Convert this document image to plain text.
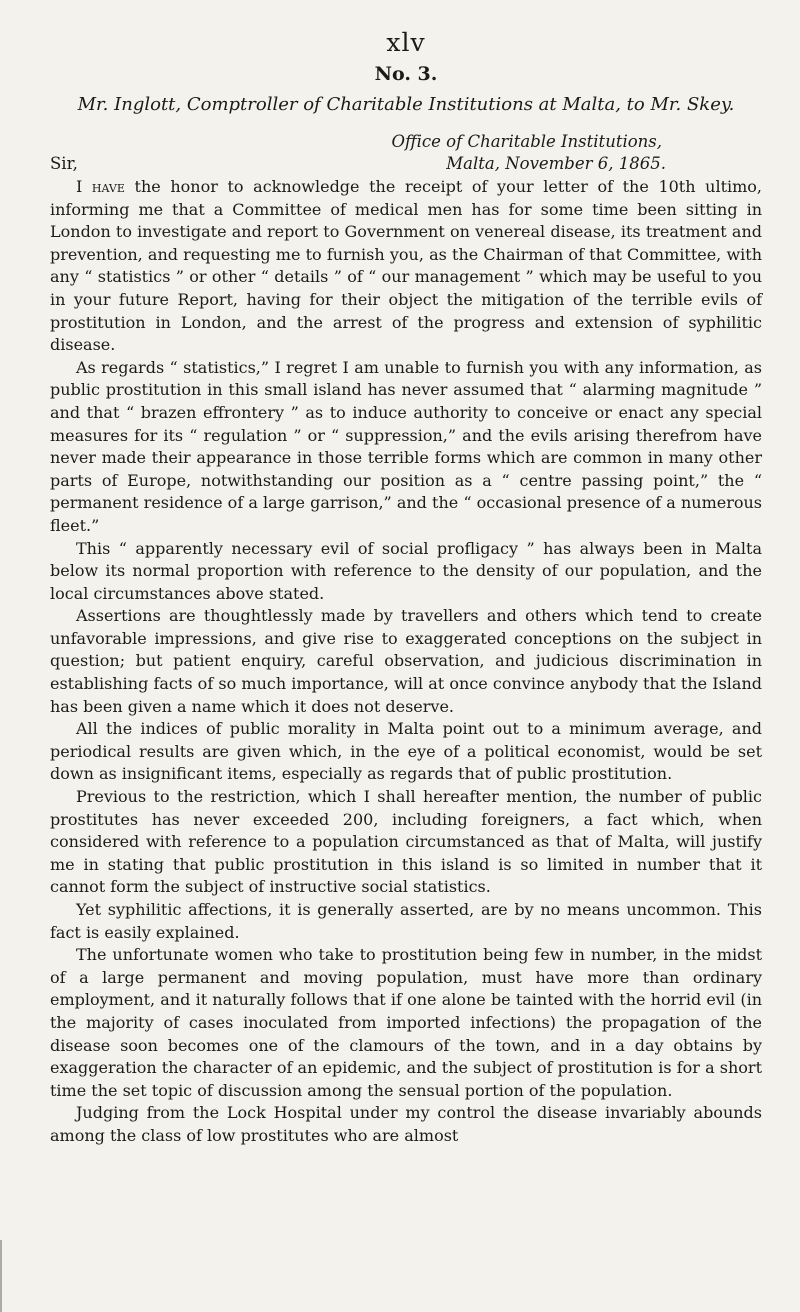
xlv
No. 3.
Mr. Inglott, Comptroller of Charitable Institutions at Malta, to Mr. Skey.
Office of Charitable Institutions,
Sir,	Malta, November 6, 1865.

I have the honor to acknowledge the receipt of your letter of the 10th ultimo, informing me that a Committee of medical men has for some time been sitting in London to investigate and report to Government on venereal disease, its treatment and prevention, and requesting me to furnish you, as the Chairman of that Committee, with any “ statistics ” or other “ details ” of “ our management ” which may be useful to you in your future Report, having for their object the mitigation of the terrible evils of prostitution in London, and the arrest of the progress and extension of syphilitic disease.

As regards “ statistics,” I regret I am unable to furnish you with any information, as public prostitution in this small island has never assumed that “ alarming magnitude ” and that “ brazen effrontery ” as to induce authority to conceive or enact any special measures for its “ regulation ” or “ suppression,” and the evils arising therefrom have never made their appearance in those terrible forms which are common in many other parts of Europe, notwithstanding our position as a “ centre passing point,” the “ permanent residence of a large garrison,” and the “ occasional presence of a numerous fleet.”

This “ apparently necessary evil of social profligacy ” has always been in Malta below its normal proportion with reference to the density of our population, and the local circumstances above stated.

Assertions are thoughtlessly made by travellers and others which tend to create unfavorable impressions, and give rise to exaggerated conceptions on the subject in question; but patient enquiry, careful observation, and judicious discrimination in establishing facts of so much importance, will at once convince anybody that the Island has been given a name which it does not deserve.

All the indices of public morality in Malta point out to a minimum average, and periodical results are given which, in the eye of a political economist, would be set down as insignificant items, especially as regards that of public prostitution.

Previous to the restriction, which I shall hereafter mention, the number of public prostitutes has never exceeded 200, including foreigners, a fact which, when considered with reference to a population circumstanced as that of Malta, will justify me in stating that public prostitution in this island is so limited in number that it cannot form the subject of instructive social statistics.

Yet syphilitic affections, it is generally asserted, are by no means uncommon. This fact is easily explained.

The unfortunate women who take to prostitution being few in number, in the midst of a large permanent and moving population, must have more than ordinary employment, and it naturally follows that if one alone be tainted with the horrid evil (in the majority of cases inoculated from imported infections) the propagation of the disease soon becomes one of the clamours of the town, and in a day obtains by exaggeration the character of an epidemic, and the subject of prostitution is for a short time the set topic of discussion among the sensual portion of the population.

Judging from the Lock Hospital under my control the disease invariably abounds among the class of low prostitutes who are almost
